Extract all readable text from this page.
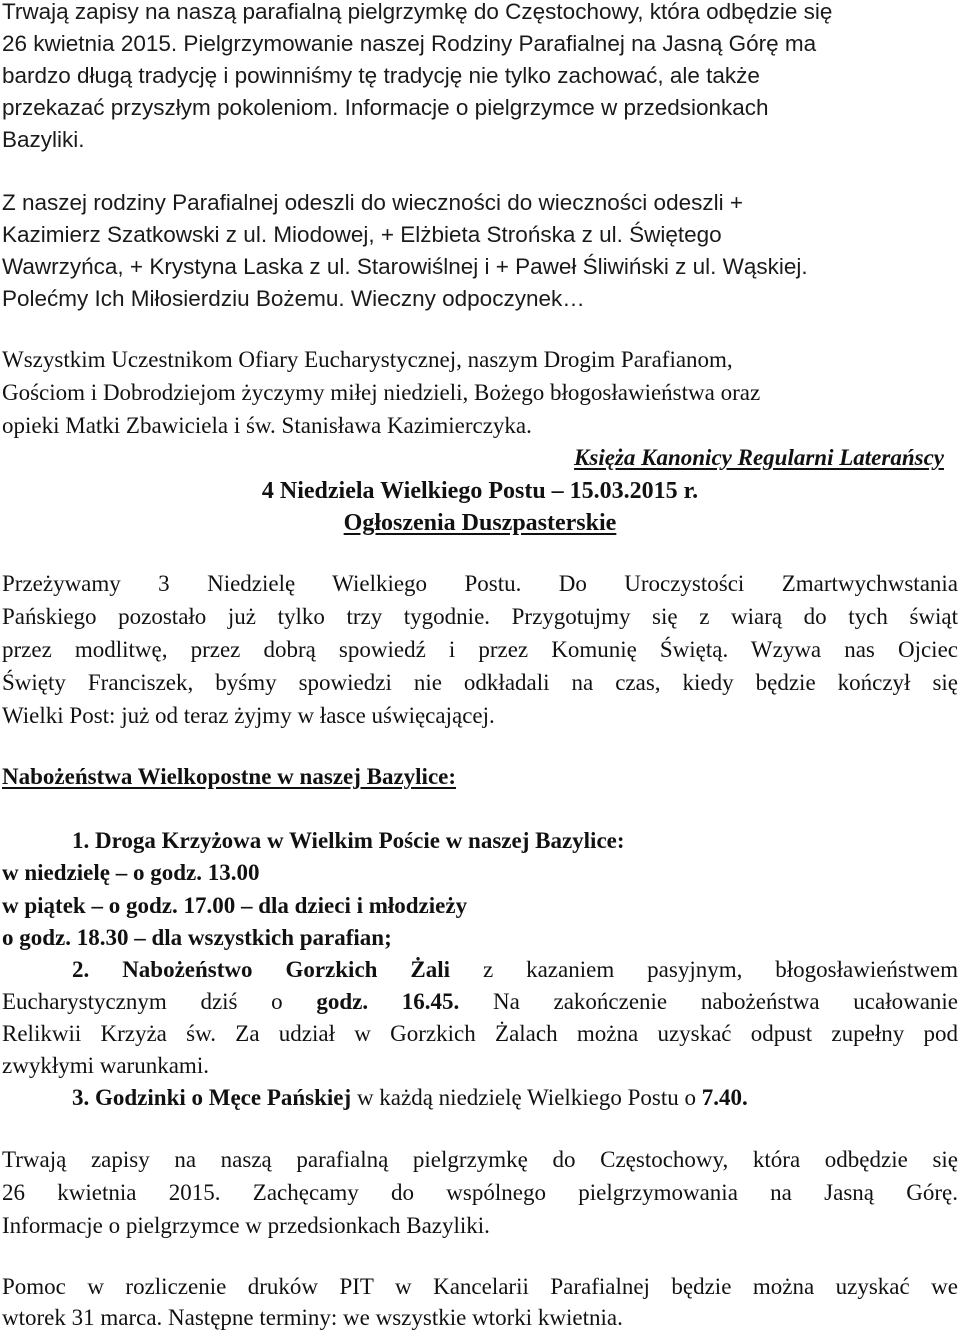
Trwają zapisy na naszą parafialną pielgrzymkę do Częstochowy, która odbędzie się
26 kwietnia 2015. Pielgrzymowanie naszej Rodziny Parafialnej na Jasną Górę ma
bardzo długą tradycję i powinniśmy tę tradycję nie tylko zachować, ale także
przekazać przyszłym pokoleniom. Informacje o pielgrzymce w przedsionkach
Bazyliki.
Z naszej rodziny Parafialnej odeszli do wieczności do wieczności odeszli +
Kazimierz Szatkowski z ul. Miodowej, + Elżbieta Strońska z ul. Świętego
Wawrzyńca, + Krystyna Laska z ul. Starowiślnej i + Paweł Śliwiński z ul. Wąskiej.
Polećmy Ich Miłosierdziu Bożemu. Wieczny odpoczynek…
Wszystkim Uczestnikom Ofiary Eucharystycznej, naszym Drogim Parafianom,
Gościom i Dobrodziejom życzymy miłej niedzieli, Bożego błogosławieństwa oraz
opieki Matki Zbawiciela i św. Stanisława Kazimierczyka.
Księża Kanonicy Regularni Laterańscy
4 Niedziela Wielkiego Postu – 15.03.2015 r.
Ogłoszenia Duszpasterskie
Przeżywamy 3 Niedzielę Wielkiego Postu. Do Uroczystości Zmartwychwstania
Pańskiego pozostało już tylko trzy tygodnie. Przygotujmy się z wiarą do tych świąt
przez modlitwę, przez dobrą spowiedź i przez Komunię Świętą. Wzywa nas Ojciec
Święty Franciszek, byśmy spowiedzi nie odkładali na czas, kiedy będzie kończył się
Wielki Post: już od teraz żyjmy w łasce uświęcającej.
Nabożeństwa Wielkopostne w naszej Bazylice:
1. Droga Krzyżowa w Wielkim Poście w naszej Bazylice:
w niedzielę – o godz. 13.00
w piątek – o godz. 17.00 – dla dzieci i młodzieży
o godz. 18.30 – dla wszystkich parafian;
2. Nabożeństwo Gorzkich Żali z kazaniem pasyjnym, błogosławieństwem
Eucharystycznym dziś o godz. 16.45. Na zakończenie nabożeństwa ucałowanie
Relikwii Krzyża św. Za udział w Gorzkich Żalach można uzyskać odpust zupełny pod
zwykłymi warunkami.
3. Godzinki o Męce Pańskiej w każdą niedzielę Wielkiego Postu o 7.40.
Trwają zapisy na naszą parafialną pielgrzymkę do Częstochowy, która odbędzie się
26 kwietnia 2015. Zachęcamy do wspólnego pielgrzymowania na Jasną Górę.
Informacje o pielgrzymce w przedsionkach Bazyliki.
Pomoc w rozliczenie druków PIT w Kancelarii Parafialnej będzie można uzyskać we
wtorek 31 marca. Następne terminy: we wszystkie wtorki kwietnia.
